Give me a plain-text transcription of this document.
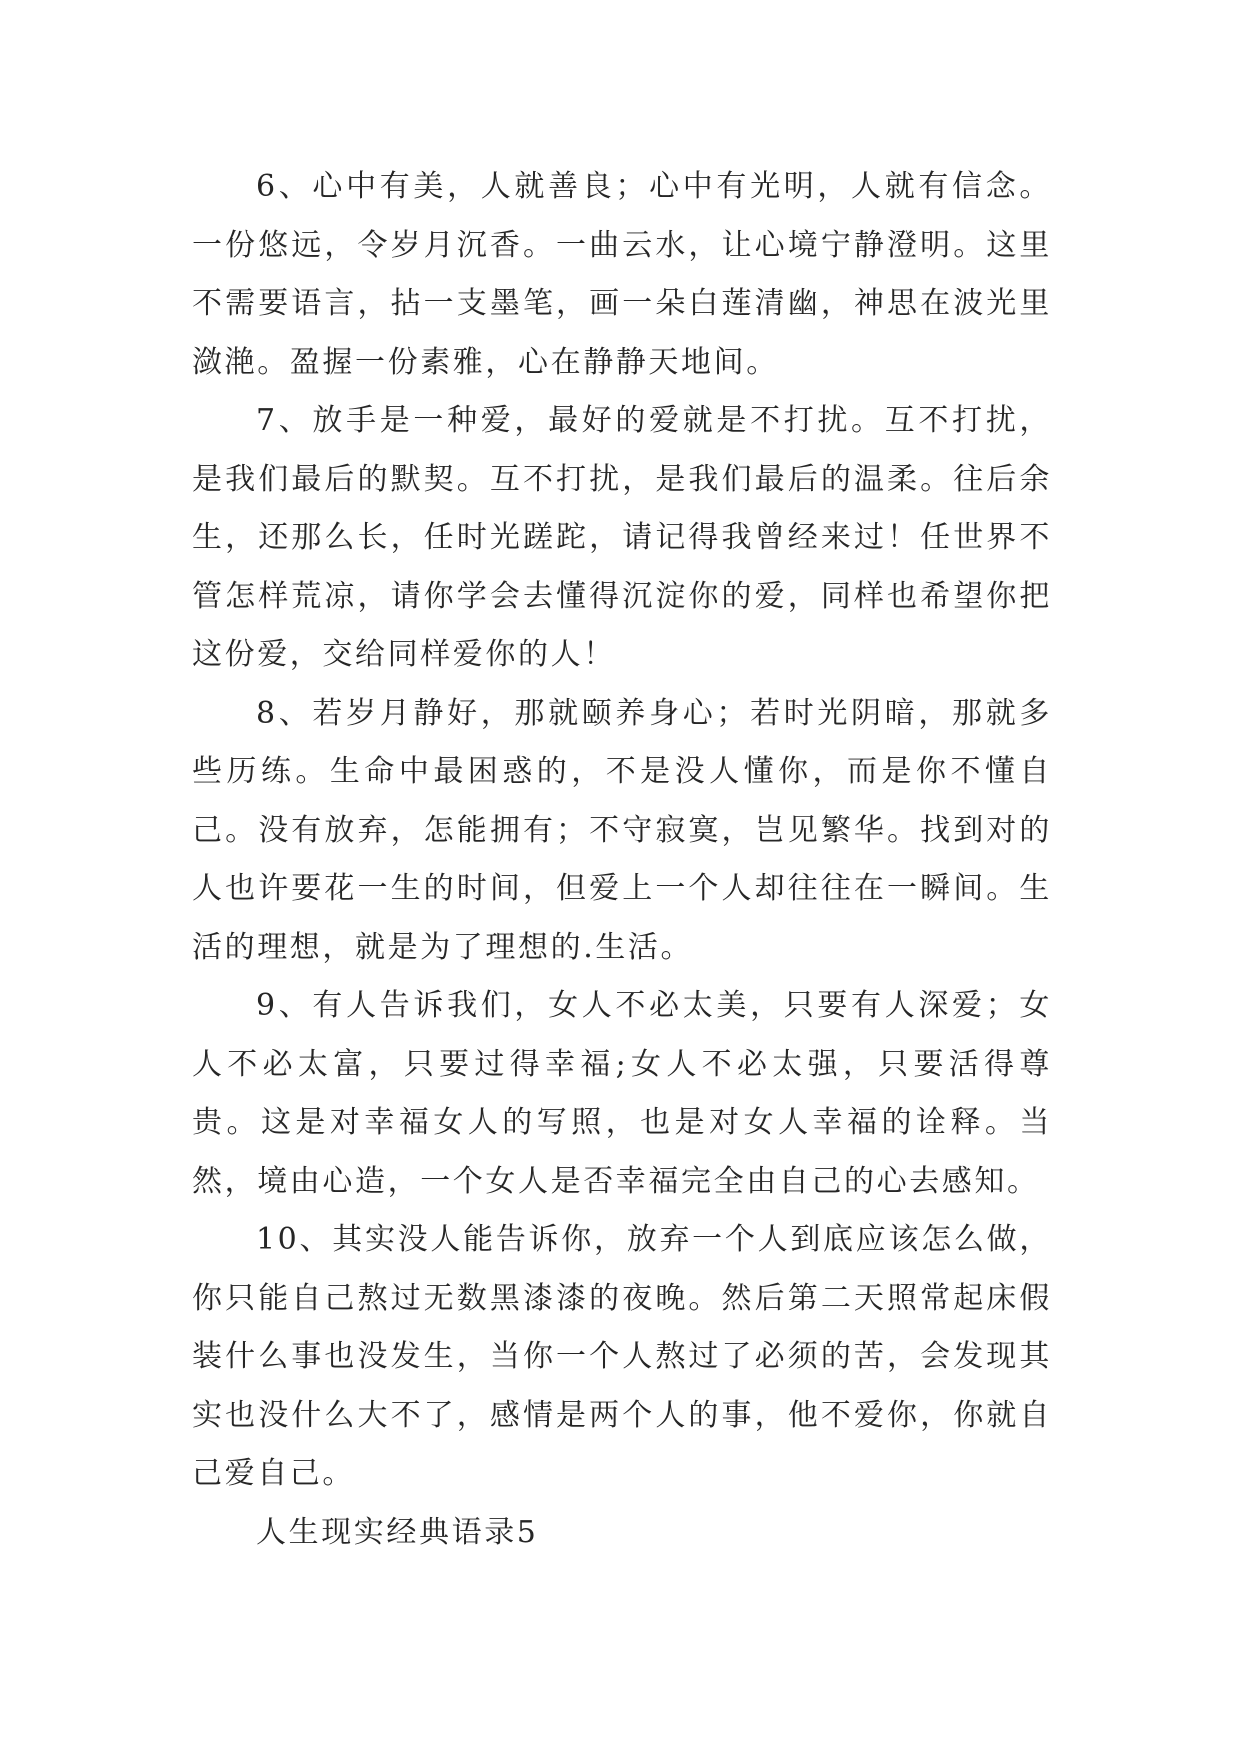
6、心中有美，人就善良；心中有光明，人就有信念。一份悠远，令岁月沉香。一曲云水，让心境宁静澄明。这里不需要语言，拈一支墨笔，画一朵白莲清幽，神思在波光里潋滟。盈握一份素雅，心在静静天地间。

7、放手是一种爱，最好的爱就是不打扰。互不打扰，是我们最后的默契。互不打扰，是我们最后的温柔。往后余生，还那么长，任时光蹉跎，请记得我曾经来过！任世界不管怎样荒凉，请你学会去懂得沉淀你的爱，同样也希望你把这份爱，交给同样爱你的人！

8、若岁月静好，那就颐养身心；若时光阴暗，那就多些历练。生命中最困惑的，不是没人懂你，而是你不懂自己。没有放弃，怎能拥有；不守寂寞，岂见繁华。找到对的人也许要花一生的时间，但爱上一个人却往往在一瞬间。生活的理想，就是为了理想的.生活。

9、有人告诉我们，女人不必太美，只要有人深爱；女人不必太富，只要过得幸福;女人不必太强，只要活得尊贵。这是对幸福女人的写照，也是对女人幸福的诠释。当然，境由心造，一个女人是否幸福完全由自己的心去感知。

10、其实没人能告诉你，放弃一个人到底应该怎么做，你只能自己熬过无数黑漆漆的夜晚。然后第二天照常起床假装什么事也没发生，当你一个人熬过了必须的苦，会发现其实也没什么大不了，感情是两个人的事，他不爱你，你就自己爱自己。

人生现实经典语录5
